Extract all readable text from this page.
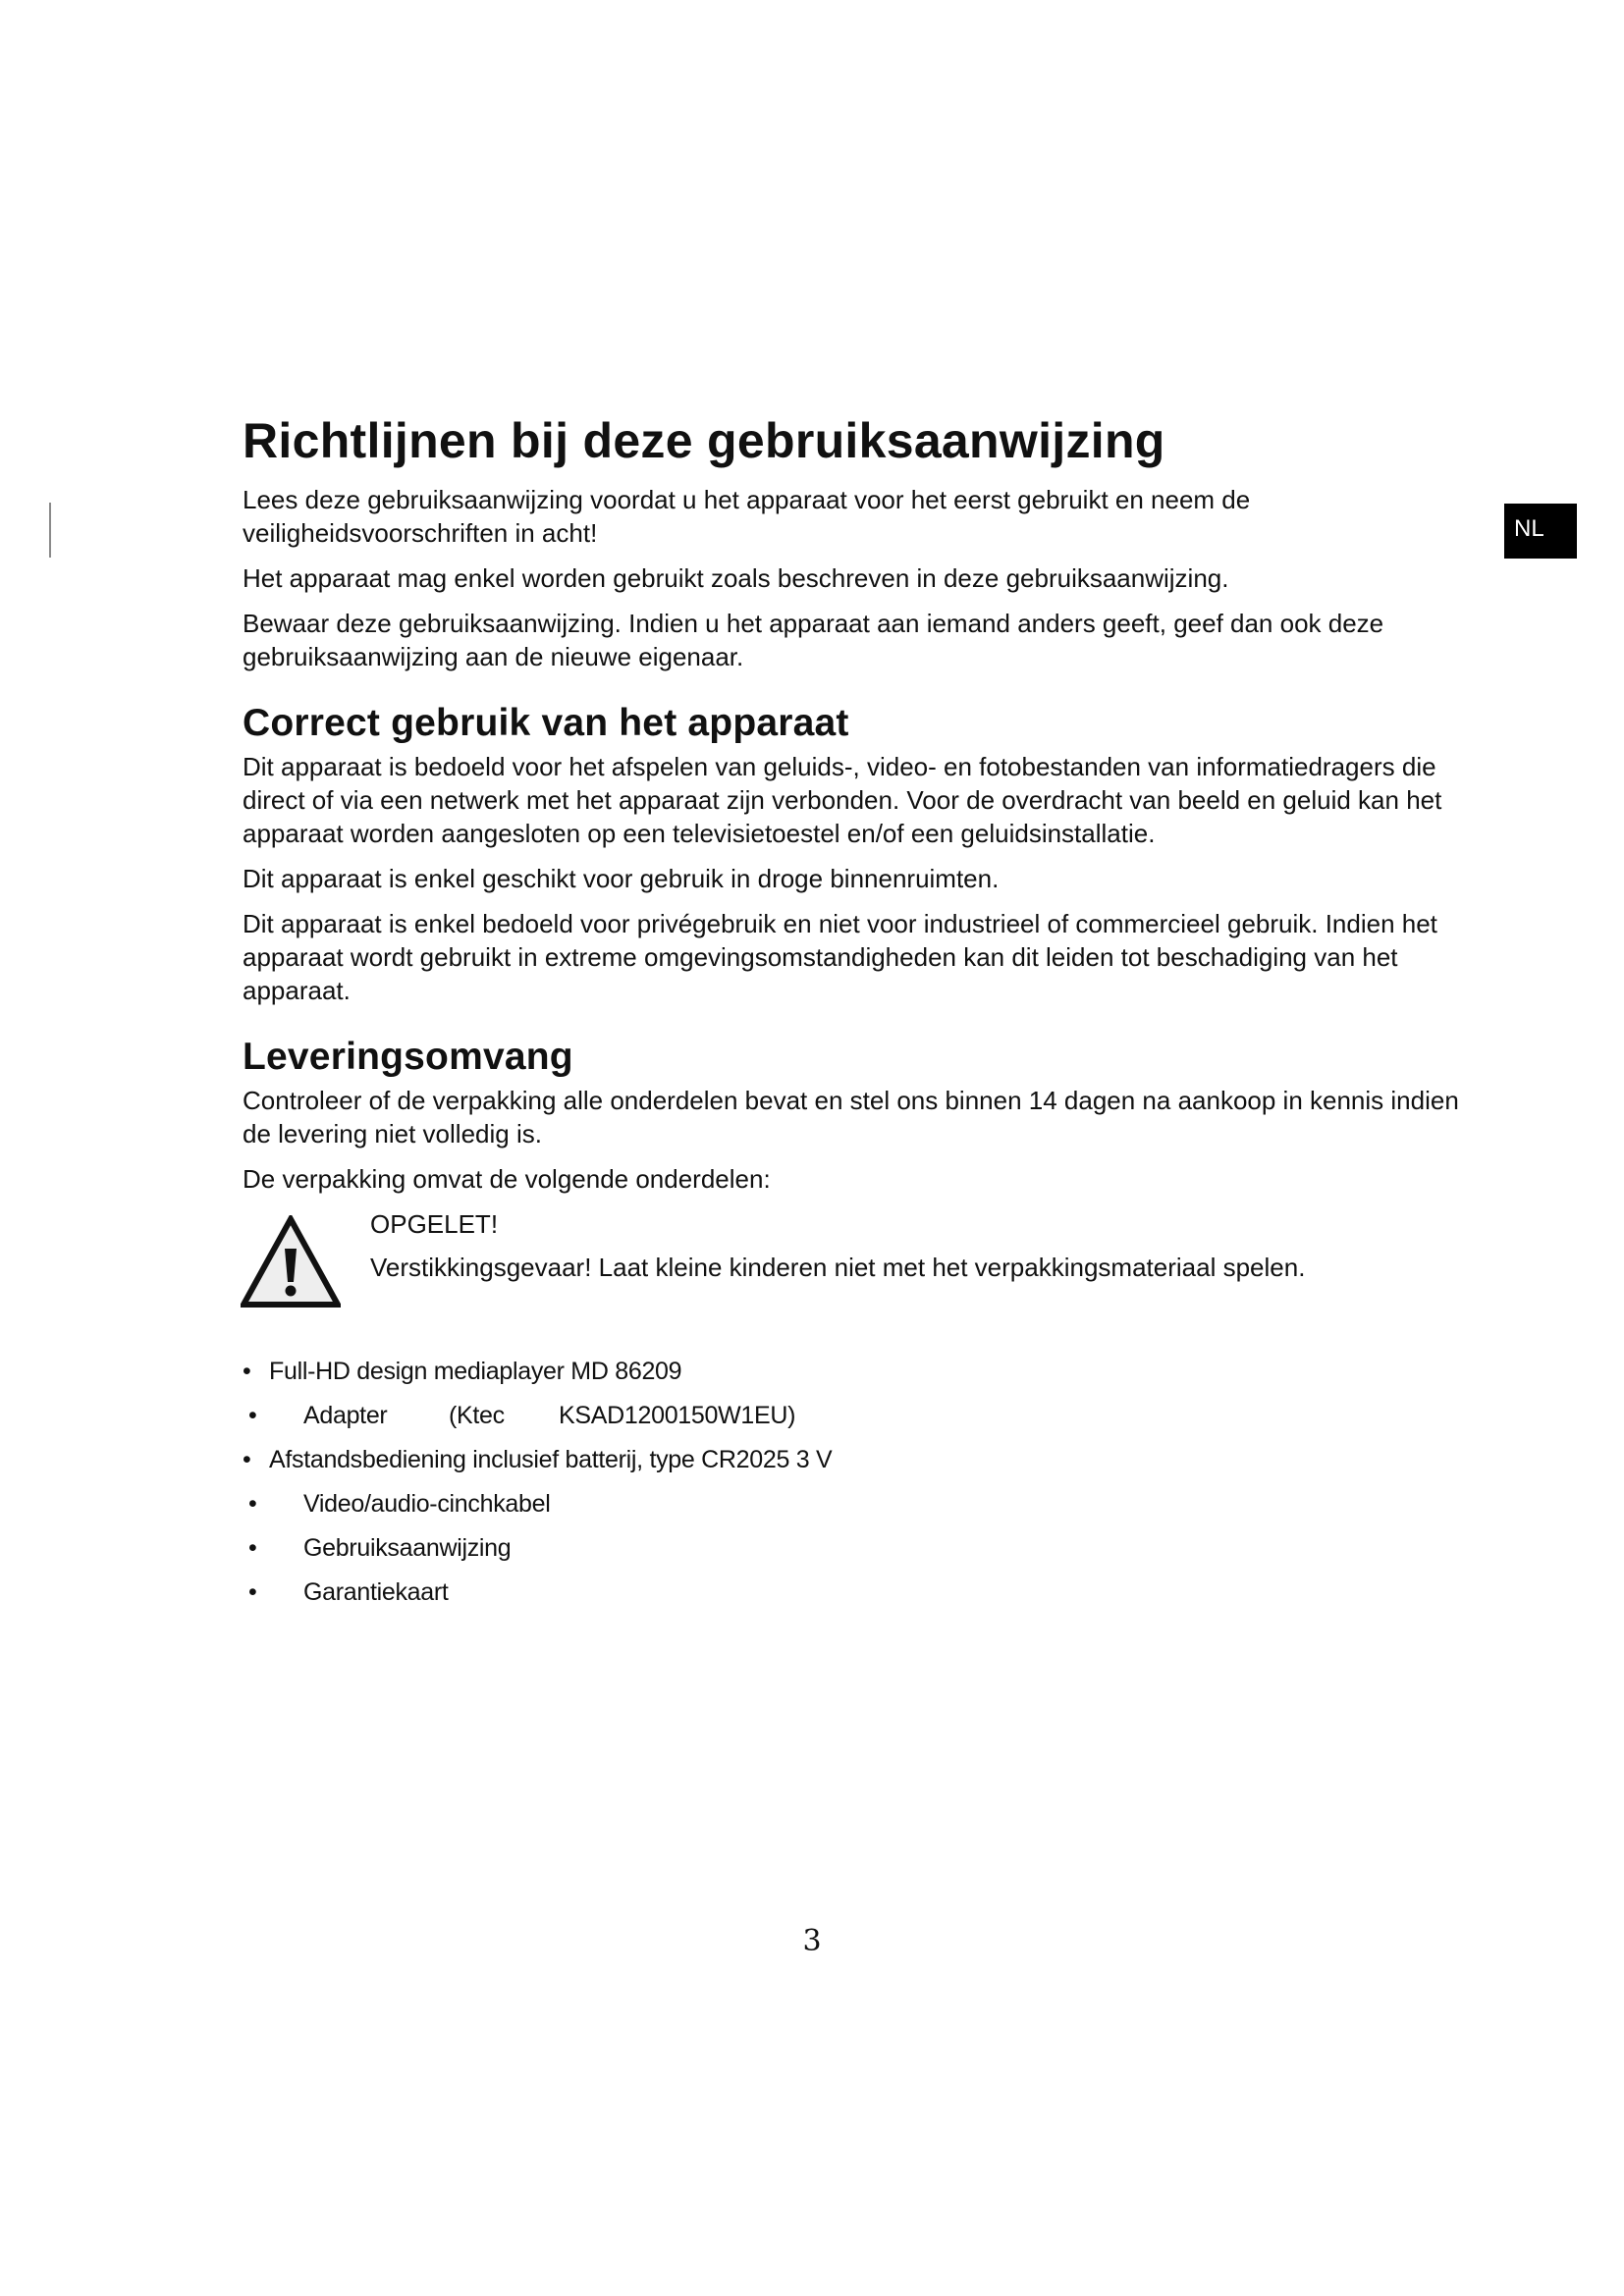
NL
Richtlijnen bij deze gebruiksaanwijzing

Lees deze gebruiksaanwijzing voordat u het apparaat voor het eerst gebruikt en neem de veiligheidsvoorschriften in acht!

Het apparaat mag enkel worden gebruikt zoals beschreven in deze gebruiksaanwijzing.

Bewaar deze gebruiksaanwijzing. Indien u het apparaat aan iemand anders geeft, geef dan ook deze gebruiksaanwijzing aan de nieuwe eigenaar.

Correct gebruik van het apparaat

Dit apparaat is bedoeld voor het afspelen van geluids-, video- en fotobestanden van informatiedragers die direct of via een netwerk met het apparaat zijn verbonden. Voor de overdracht van beeld en geluid kan het apparaat worden aangesloten op een televisietoestel en/of een geluidsinstallatie.

Dit apparaat is enkel geschikt voor gebruik in droge binnenruimten.

Dit apparaat is enkel bedoeld voor privégebruik en niet voor industrieel of commercieel gebruik. Indien het apparaat wordt gebruikt in extreme omgevingsomstandigheden kan dit leiden tot beschadiging van het apparaat.

Leveringsomvang

Controleer of de verpakking alle onderdelen bevat en stel ons binnen 14 dagen na aankoop in kennis indien de levering niet volledig is.

De verpakking omvat de volgende onderdelen:

OPGELET!
Verstikkingsgevaar! Laat kleine kinderen niet met het verpakkingsmateriaal spelen.
• Full-HD design mediaplayer MD 86209
• Adapter	(Ktec KSAD1200150W1EU)
• Afstandsbediening inclusief batterij, type CR2025 3 V
• Video/audio-cinchkabel
• Gebruiksaanwijzing
• Garantiekaart
3
